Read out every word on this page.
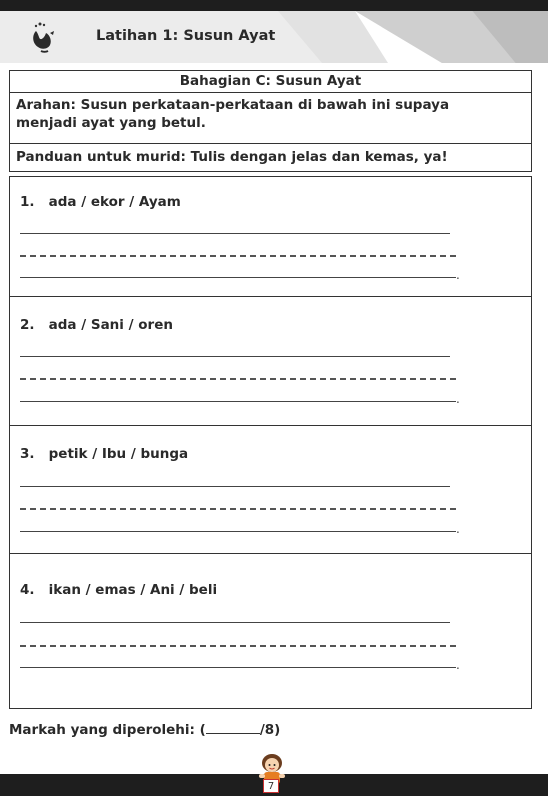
Latihan 1: Susun Ayat
Bahagian C: Susun Ayat
Arahan: Susun perkataan-perkataan di bawah ini supaya
menjadi ayat yang betul.
Panduan untuk murid: Tulis dengan jelas dan kemas, ya!
1. ada / ekor / Ayam
.
2. ada / Sani / oren
.
3. petik / Ibu / bunga
.
4. ikan / emas / Ani / beli
.
Markah yang diperolehi: (	/8)
7
